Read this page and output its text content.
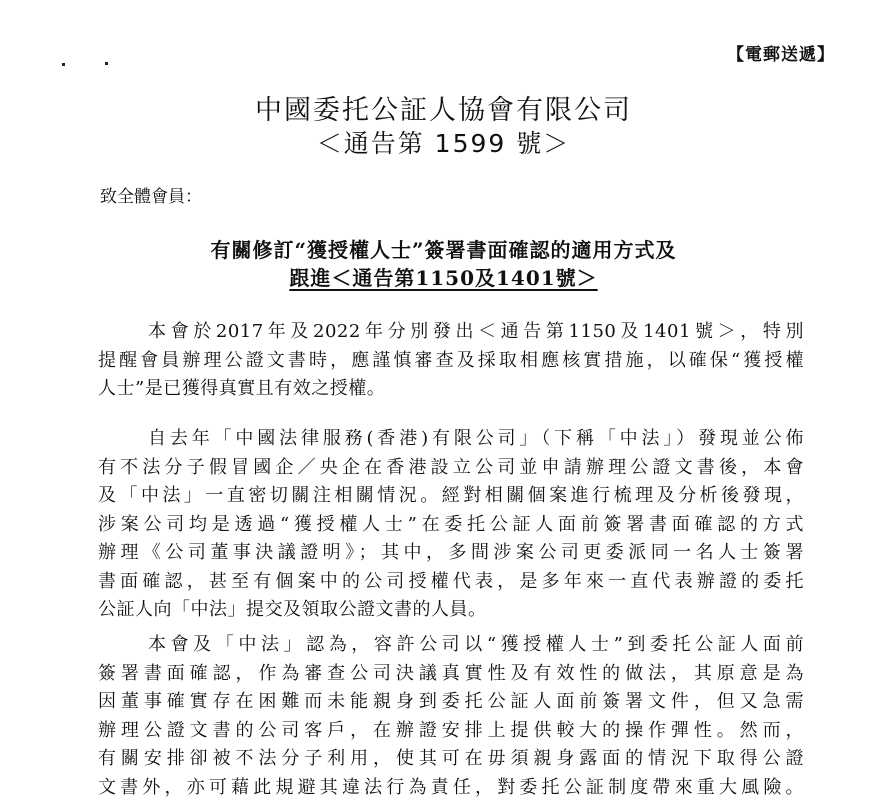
【電郵送遞】
中國委托公証人協會有限公司
＜通告第 1599 號＞
致全體會員：
有關修訂“獲授權人士”簽署書面確認的適用方式及
跟進＜通告第1150及1401號＞
本會於2017年及2022年分別發出＜通告第1150及1401號＞，特別
提醒會員辦理公證文書時，應謹慎審查及採取相應核實措施，以確保“獲授權
人士”是已獲得真實且有效之授權。
自去年「中國法律服務(香港)有限公司」（下稱「中法」）發現並公佈
有不法分子假冒國企／央企在香港設立公司並申請辦理公證文書後，本會
及「中法」一直密切關注相關情況。經對相關個案進行梳理及分析後發現，
涉案公司均是透過“獲授權人士”在委托公証人面前簽署書面確認的方式
辦理《公司董事決議證明》；其中，多間涉案公司更委派同一名人士簽署
書面確認，甚至有個案中的公司授權代表，是多年來一直代表辦證的委托
公証人向「中法」提交及領取公證文書的人員。
本會及「中法」認為，容許公司以“獲授權人士”到委托公証人面前
簽署書面確認，作為審查公司決議真實性及有效性的做法，其原意是為
因董事確實存在困難而未能親身到委托公証人面前簽署文件，但又急需
辦理公證文書的公司客戶，在辦證安排上提供較大的操作彈性。然而，
有關安排卻被不法分子利用，使其可在毋須親身露面的情況下取得公證
文書外，亦可藉此規避其違法行為責任，對委托公証制度帶來重大風險。
